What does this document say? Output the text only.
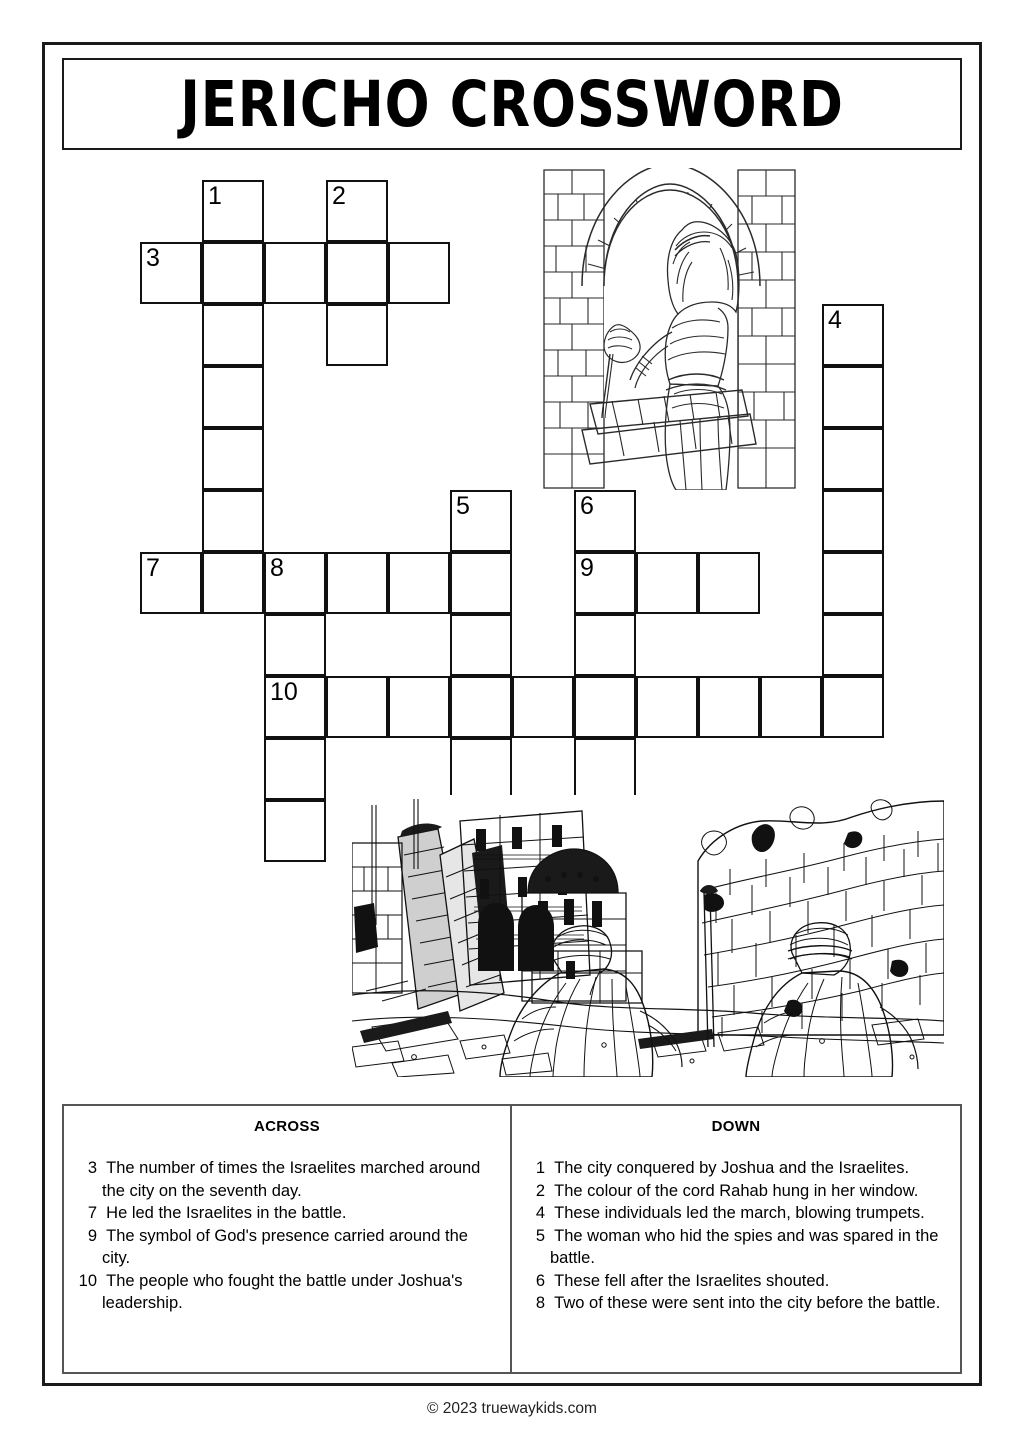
JERICHO CROSSWORD
1	2
3
4
5	6
7	8	9
10
ACROSS

3  The number of times the Israelites marched around the city on the seventh day.

7  He led the Israelites in the battle.

9  The symbol of God's presence carried around the city.

10  The people who fought the battle under Joshua's leadership.

DOWN

1  The city conquered by Joshua and the Israelites.

2  The colour of the cord Rahab hung in her window.

4  These individuals led the march, blowing trumpets.

5  The woman who hid the spies and was spared in the battle.

6  These fell after the Israelites shouted.

8  Two of these were sent into the city before the battle.

© 2023 truewaykids.com
